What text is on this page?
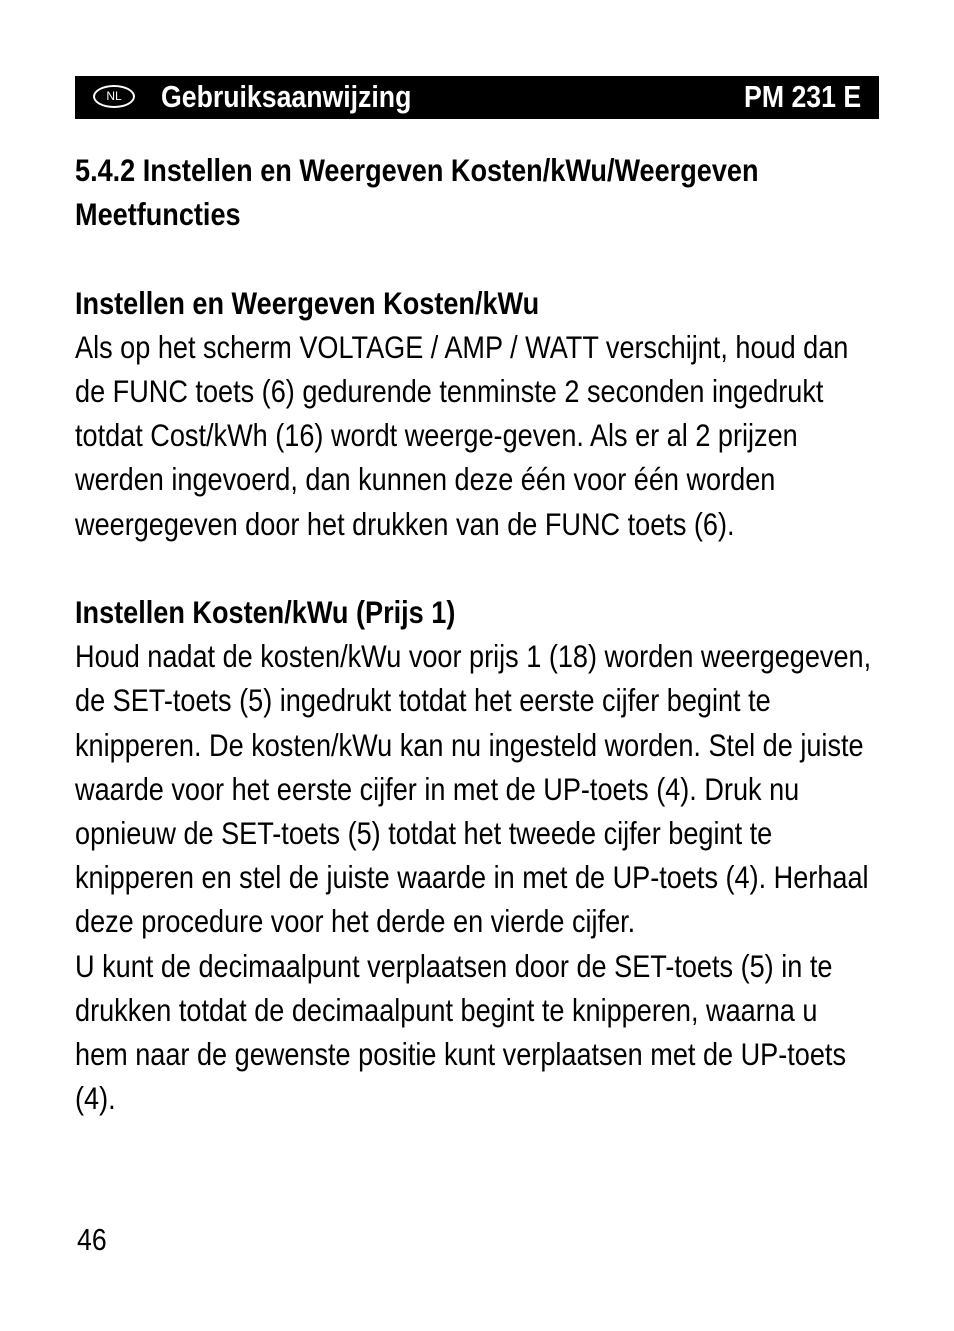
NL	Gebruiksaanwijzing	PM 231 E
5.4.2 Instellen en Weergeven Kosten/kWu/Weergeven Meetfuncties
Instellen en Weergeven Kosten/kWu

Als op het scherm VOLTAGE / AMP / WATT verschijnt, houd dan de FUNC toets (6) gedurende tenminste 2 seconden ingedrukt totdat Cost/kWh (16) wordt weerge-geven. Als er al 2 prijzen werden ingevoerd, dan kunnen deze één voor één worden weergegeven door het drukken van de FUNC toets (6).

Instellen Kosten/kWu (Prijs 1)

Houd nadat de kosten/kWu voor prijs 1 (18) worden weergegeven, de SET-toets (5) ingedrukt totdat het eerste cijfer begint te knipperen. De kosten/kWu kan nu ingesteld worden. Stel de juiste waarde voor het eerste cijfer in met de UP-toets (4). Druk nu opnieuw de SET-toets (5) totdat het tweede cijfer begint te knipperen en stel de juiste waarde in met de UP-toets (4). Herhaal deze procedure voor het derde en vierde cijfer.

U kunt de decimaalpunt verplaatsen door de SET-toets (5) in te drukken totdat de decimaalpunt begint te knipperen, waarna u hem naar de gewenste positie kunt verplaatsen met de UP-toets (4).

46
